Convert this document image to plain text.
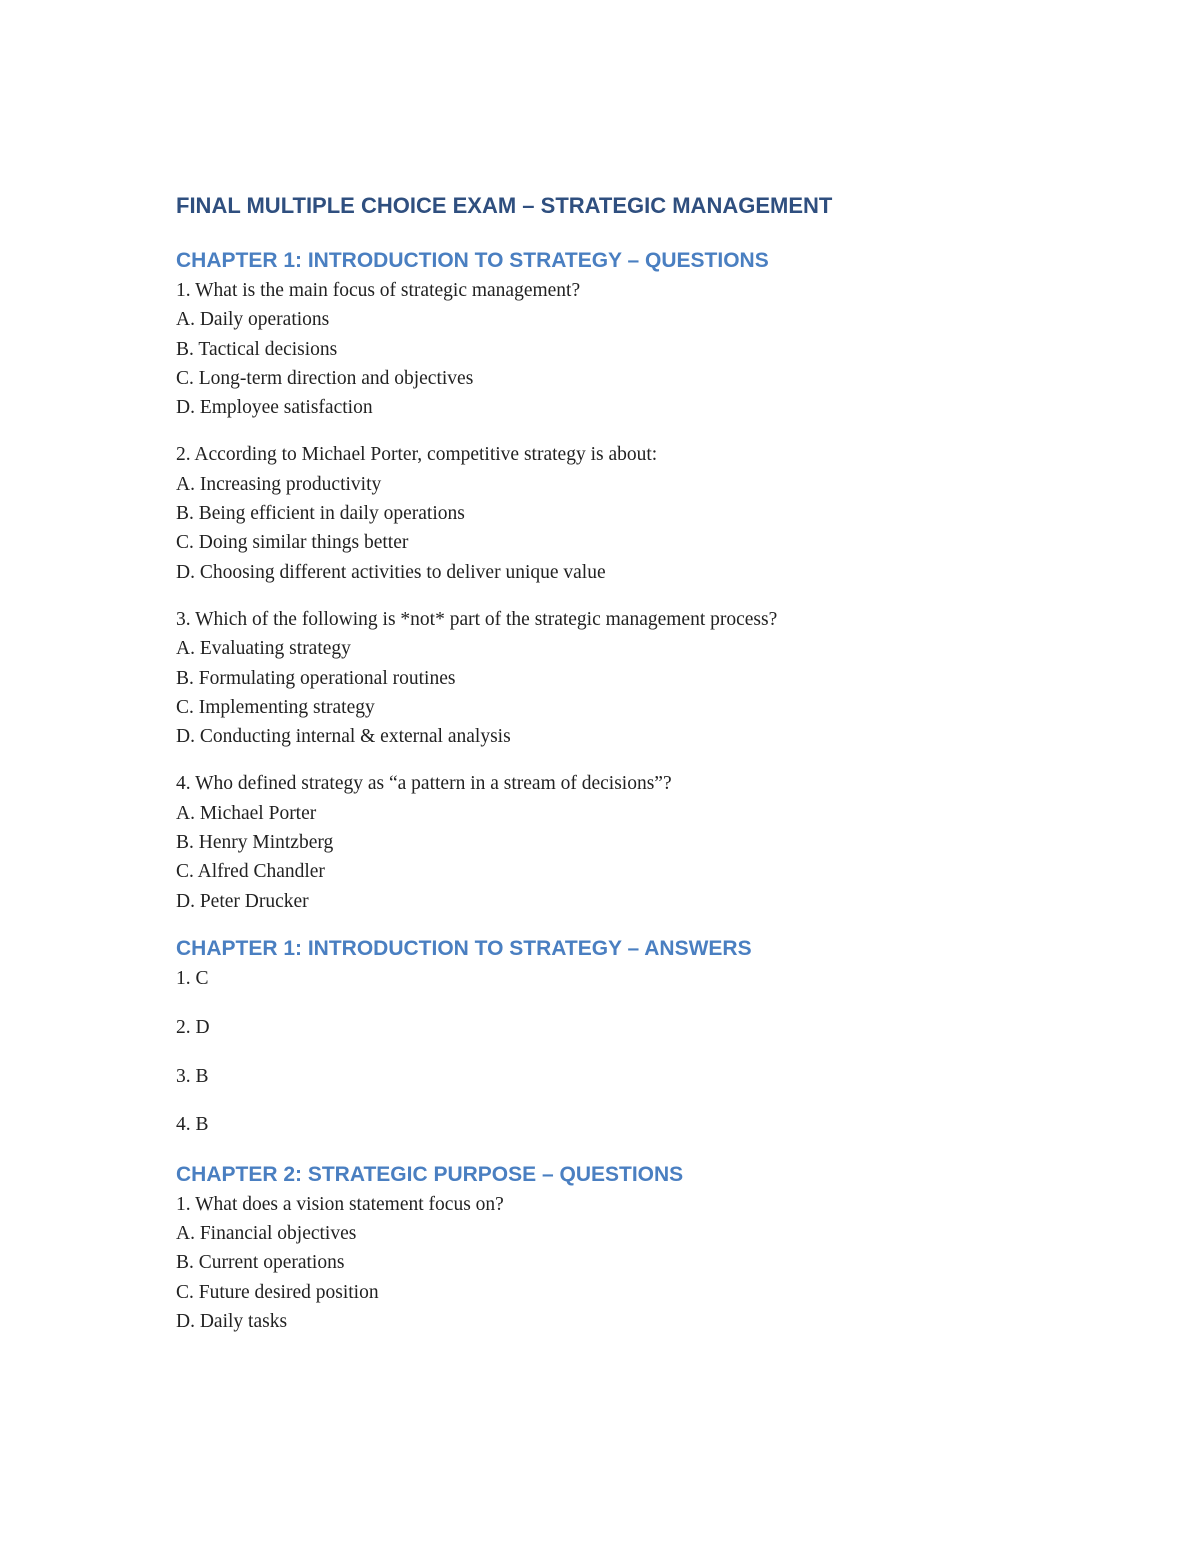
FINAL MULTIPLE CHOICE EXAM – STRATEGIC MANAGEMENT
CHAPTER 1: INTRODUCTION TO STRATEGY – QUESTIONS

1. What is the main focus of strategic management?

A. Daily operations

B. Tactical decisions

C. Long-term direction and objectives

D. Employee satisfaction

2. According to Michael Porter, competitive strategy is about:

A. Increasing productivity

B. Being efficient in daily operations

C. Doing similar things better

D. Choosing different activities to deliver unique value

3. Which of the following is *not* part of the strategic management process?

A. Evaluating strategy

B. Formulating operational routines

C. Implementing strategy

D. Conducting internal & external analysis

4. Who defined strategy as “a pattern in a stream of decisions”?

A. Michael Porter

B. Henry Mintzberg

C. Alfred Chandler

D. Peter Drucker

CHAPTER 1: INTRODUCTION TO STRATEGY – ANSWERS

1. C

2. D

3. B

4. B

CHAPTER 2: STRATEGIC PURPOSE – QUESTIONS

1. What does a vision statement focus on?

A. Financial objectives

B. Current operations

C. Future desired position

D. Daily tasks
